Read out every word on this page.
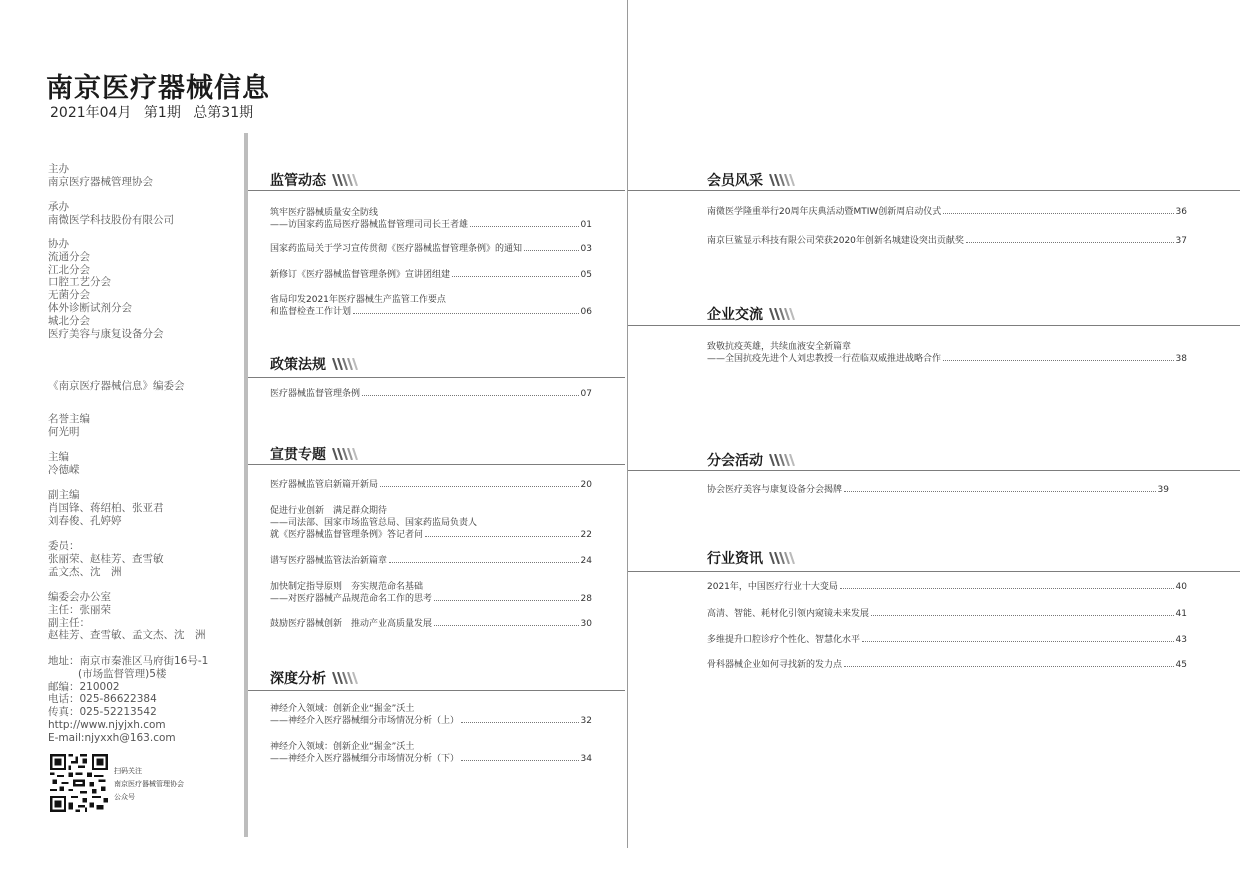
南京医疗器械信息
2021年04月 第1期 总第31期
主办
南京医疗器械管理协会
承办
南微医学科技股份有限公司
协办
流通分会
江北分会
口腔工艺分会
无菌分会
体外诊断试剂分会
城北分会
医疗美容与康复设备分会
《南京医疗器械信息》编委会
名誉主编
何光明
主编
冷德嵘
副主编
肖国锋、蒋绍柏、张亚君
刘春俊、孔婷婷
委员：
张丽荣、赵桂芳、查雪敏
孟文杰、沈　洲
编委会办公室
主任：张丽荣
副主任：
赵桂芳、查雪敏、孟文杰、沈　洲
地址：南京市秦淮区马府街16号-1
(市场监督管理)5楼
邮编：210002
电话：025-86622384
传真：025-52213542
http://www.njyjxh.com
E-mail:njyxxh@163.com
扫码关注
南京医疗器械管理协会
公众号
监管动态
筑牢医疗器械质量安全防线
——访国家药监局医疗器械监督管理司司长王者雄	01
国家药监局关于学习宣传贯彻《医疗器械监督管理条例》的通知	03
新修订《医疗器械监督管理条例》宣讲团组建	05
省局印发2021年医疗器械生产监管工作要点
和监督检查工作计划	06
政策法规
医疗器械监督管理条例	07
宣贯专题
医疗器械监管启新篇开新局	20
促进行业创新　满足群众期待
——司法部、国家市场监管总局、国家药监局负责人
就《医疗器械监督管理条例》答记者问	22
谱写医疗器械监管法治新篇章	24
加快制定指导原则　夯实规范命名基础
——对医疗器械产品规范命名工作的思考	28
鼓励医疗器械创新　推动产业高质量发展	30
深度分析
神经介入领域：创新企业“掘金”沃土
——神经介入医疗器械细分市场情况分析（上）	32
神经介入领域：创新企业“掘金”沃土
——神经介入医疗器械细分市场情况分析（下）	34
会员风采
南微医学隆重举行20周年庆典活动暨MTIW创新周启动仪式	36
南京巨鲨显示科技有限公司荣获2020年创新名城建设突出贡献奖	37
企业交流
致敬抗疫英雄，共续血液安全新篇章
——全国抗疫先进个人刘忠教授一行莅临双威推进战略合作	38
分会活动
协会医疗美容与康复设备分会揭牌	39
行业资讯
2021年，中国医疗行业十大变局	40
高清、智能、耗材化引领内窥镜未来发展	41
多维提升口腔诊疗个性化、智慧化水平	43
骨科器械企业如何寻找新的发力点	45
